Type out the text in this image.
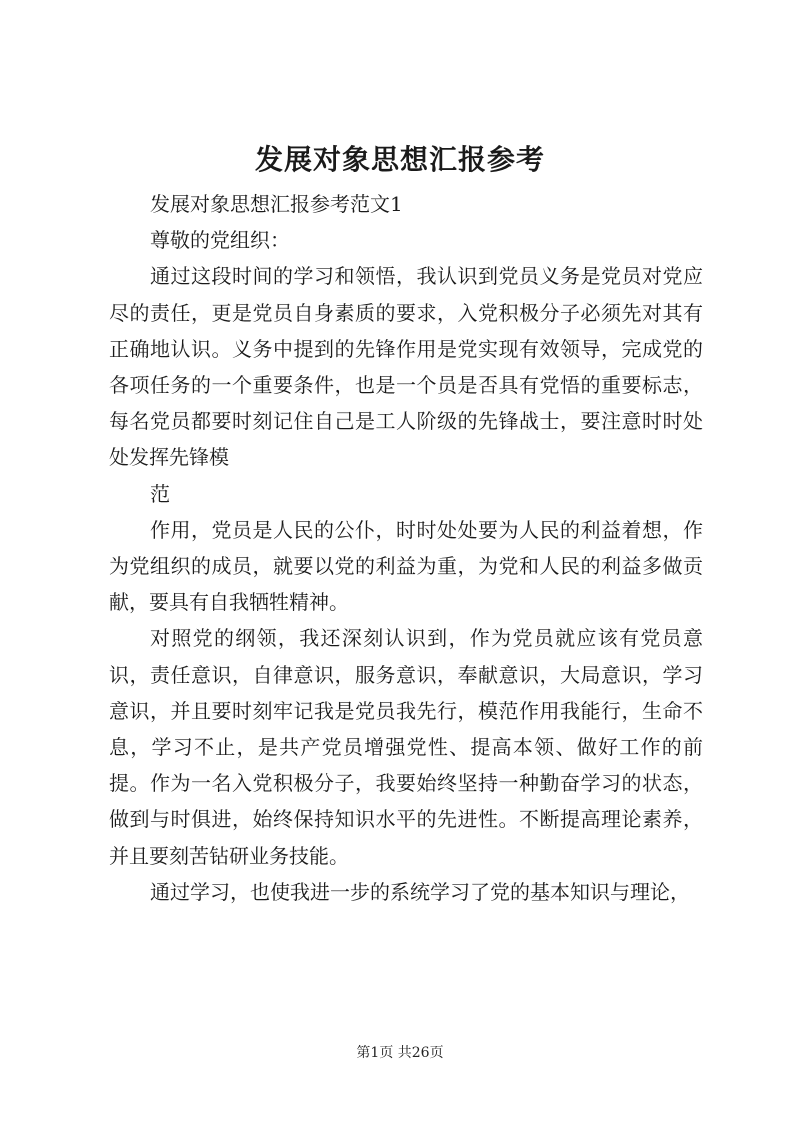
发展对象思想汇报参考

发展对象思想汇报参考范文1

尊敬的党组织：

通过这段时间的学习和领悟，我认识到党员义务是党员对党应尽的责任，更是党员自身素质的要求，入党积极分子必须先对其有正确地认识。义务中提到的先锋作用是党实现有效领导，完成党的各项任务的一个重要条件，也是一个员是否具有党悟的重要标志，每名党员都要时刻记住自己是工人阶级的先锋战士，要注意时时处处发挥先锋模

范

作用，党员是人民的公仆，时时处处要为人民的利益着想，作为党组织的成员，就要以党的利益为重，为党和人民的利益多做贡献，要具有自我牺牲精神。

对照党的纲领，我还深刻认识到，作为党员就应该有党员意识，责任意识，自律意识，服务意识，奉献意识，大局意识，学习意识，并且要时刻牢记我是党员我先行，模范作用我能行，生命不息，学习不止，是共产党员增强党性、提高本领、做好工作的前提。作为一名入党积极分子，我要始终坚持一种勤奋学习的状态，做到与时俱进，始终保持知识水平的先进性。不断提高理论素养，并且要刻苦钻研业务技能。

通过学习，也使我进一步的系统学习了党的基本知识与理论，

第1页 共26页
